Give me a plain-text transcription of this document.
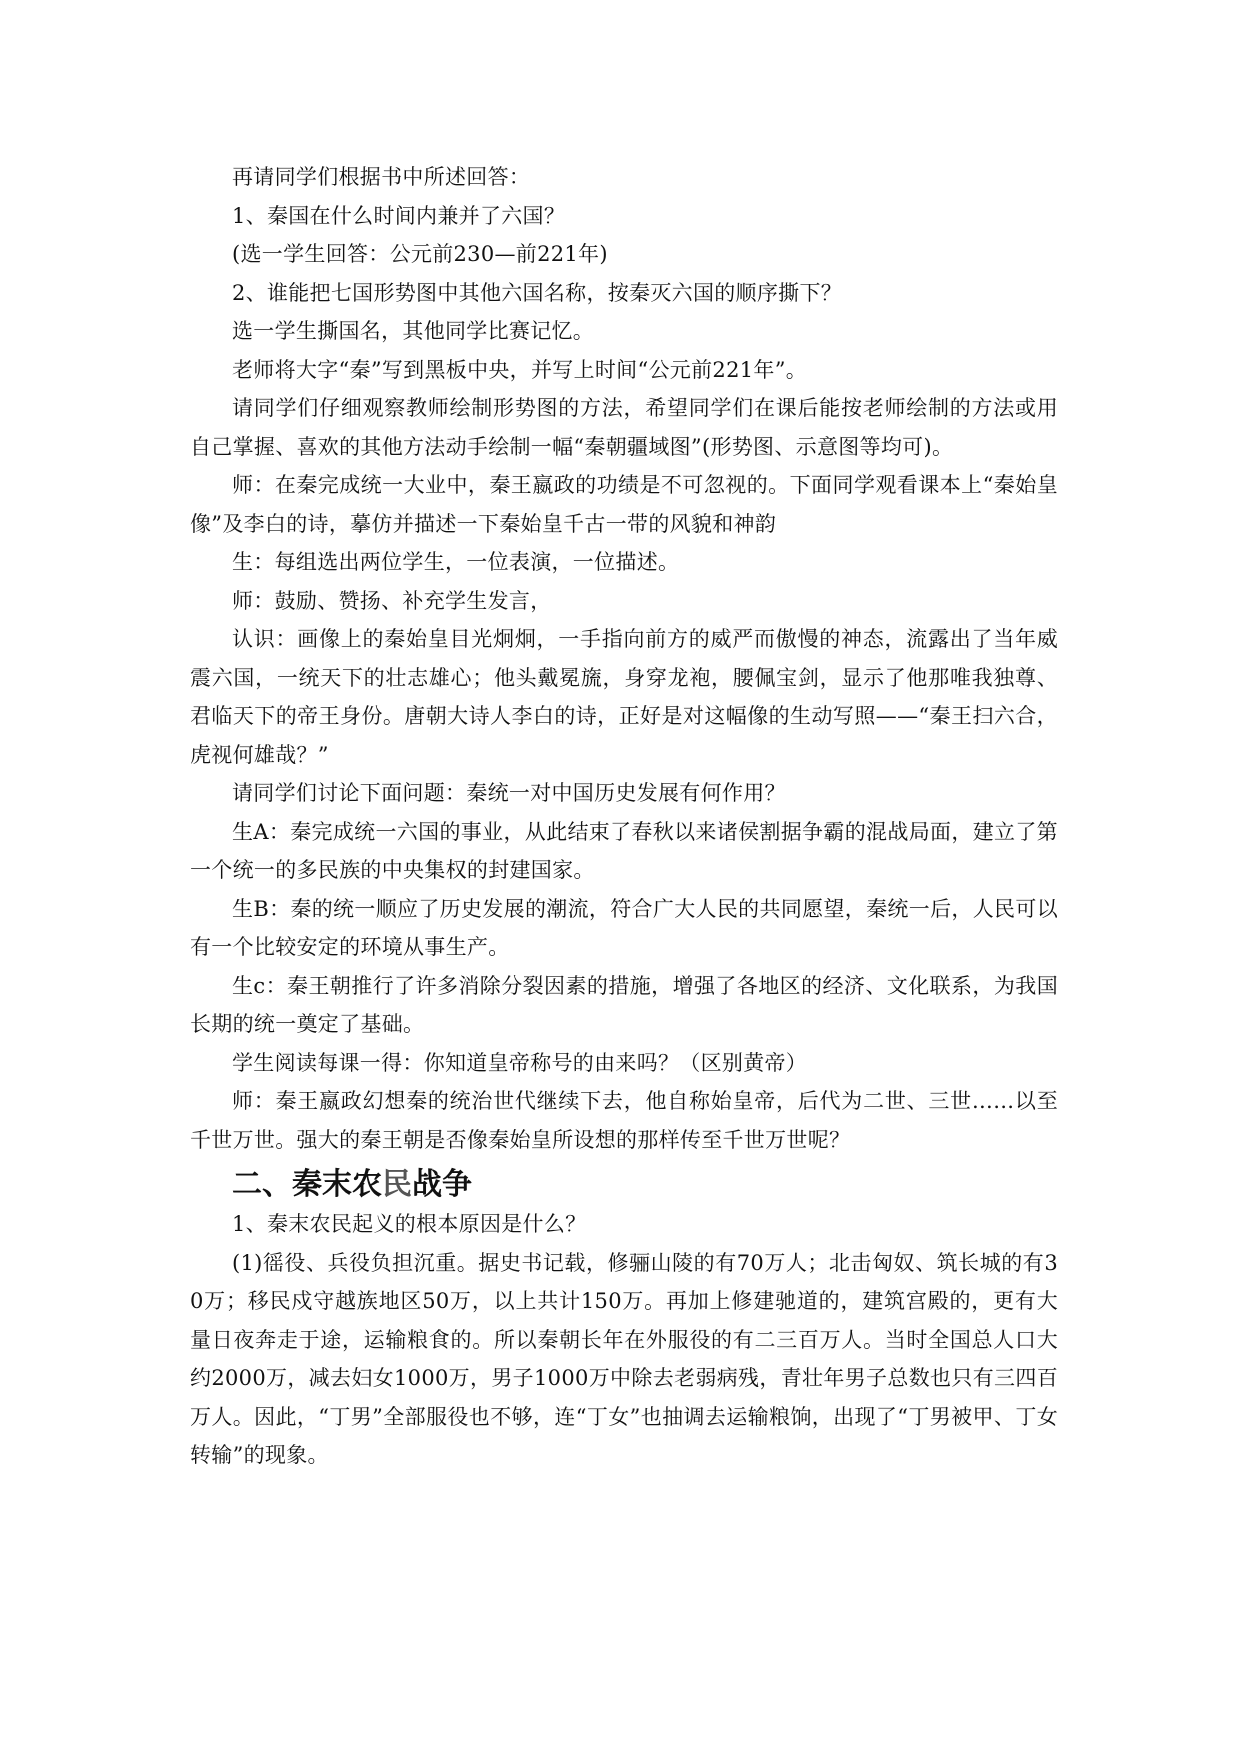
再请同学们根据书中所述回答：

1、秦国在什么时间内兼并了六国？

(选一学生回答：公元前230—前221年)

2、谁能把七国形势图中其他六国名称，按秦灭六国的顺序撕下？

选一学生撕国名，其他同学比赛记忆。

老师将大字“秦”写到黑板中央，并写上时间“公元前221年”。

请同学们仔细观察教师绘制形势图的方法，希望同学们在课后能按老师绘制的方法或用自己掌握、喜欢的其他方法动手绘制一幅“秦朝疆域图”(形势图、示意图等均可)。

师：在秦完成统一大业中，秦王嬴政的功绩是不可忽视的。下面同学观看课本上“秦始皇像”及李白的诗，摹仿并描述一下秦始皇千古一带的风貌和神韵

生：每组选出两位学生，一位表演，一位描述。

师：鼓励、赞扬、补充学生发言，

认识：画像上的秦始皇目光炯炯，一手指向前方的威严而傲慢的神态，流露出了当年威震六国，一统天下的壮志雄心；他头戴冕旒，身穿龙袍，腰佩宝剑，显示了他那唯我独尊、君临天下的帝王身份。唐朝大诗人李白的诗，正好是对这幅像的生动写照——“秦王扫六合，虎视何雄哉？”

请同学们讨论下面问题：秦统一对中国历史发展有何作用？

生A：秦完成统一六国的事业，从此结束了春秋以来诸侯割据争霸的混战局面，建立了第一个统一的多民族的中央集权的封建国家。

生B：秦的统一顺应了历史发展的潮流，符合广大人民的共同愿望，秦统一后，人民可以有一个比较安定的环境从事生产。

生c：秦王朝推行了许多消除分裂因素的措施，增强了各地区的经济、文化联系，为我国长期的统一奠定了基础。

学生阅读每课一得：你知道皇帝称号的由来吗？（区别黄帝）

师：秦王嬴政幻想秦的统治世代继续下去，他自称始皇帝，后代为二世、三世……以至千世万世。强大的秦王朝是否像秦始皇所设想的那样传至千世万世呢？

二、秦末农民战争

1、秦末农民起义的根本原因是什么？

(1)徭役、兵役负担沉重。据史书记载，修骊山陵的有70万人；北击匈奴、筑长城的有30万；移民戍守越族地区50万，以上共计150万。再加上修建驰道的，建筑宫殿的，更有大量日夜奔走于途，运输粮食的。所以秦朝长年在外服役的有二三百万人。当时全国总人口大约2000万，减去妇女1000万，男子1000万中除去老弱病残，青壮年男子总数也只有三四百万人。因此，“丁男”全部服役也不够，连“丁女”也抽调去运输粮饷，出现了“丁男被甲、丁女转输”的现象。
